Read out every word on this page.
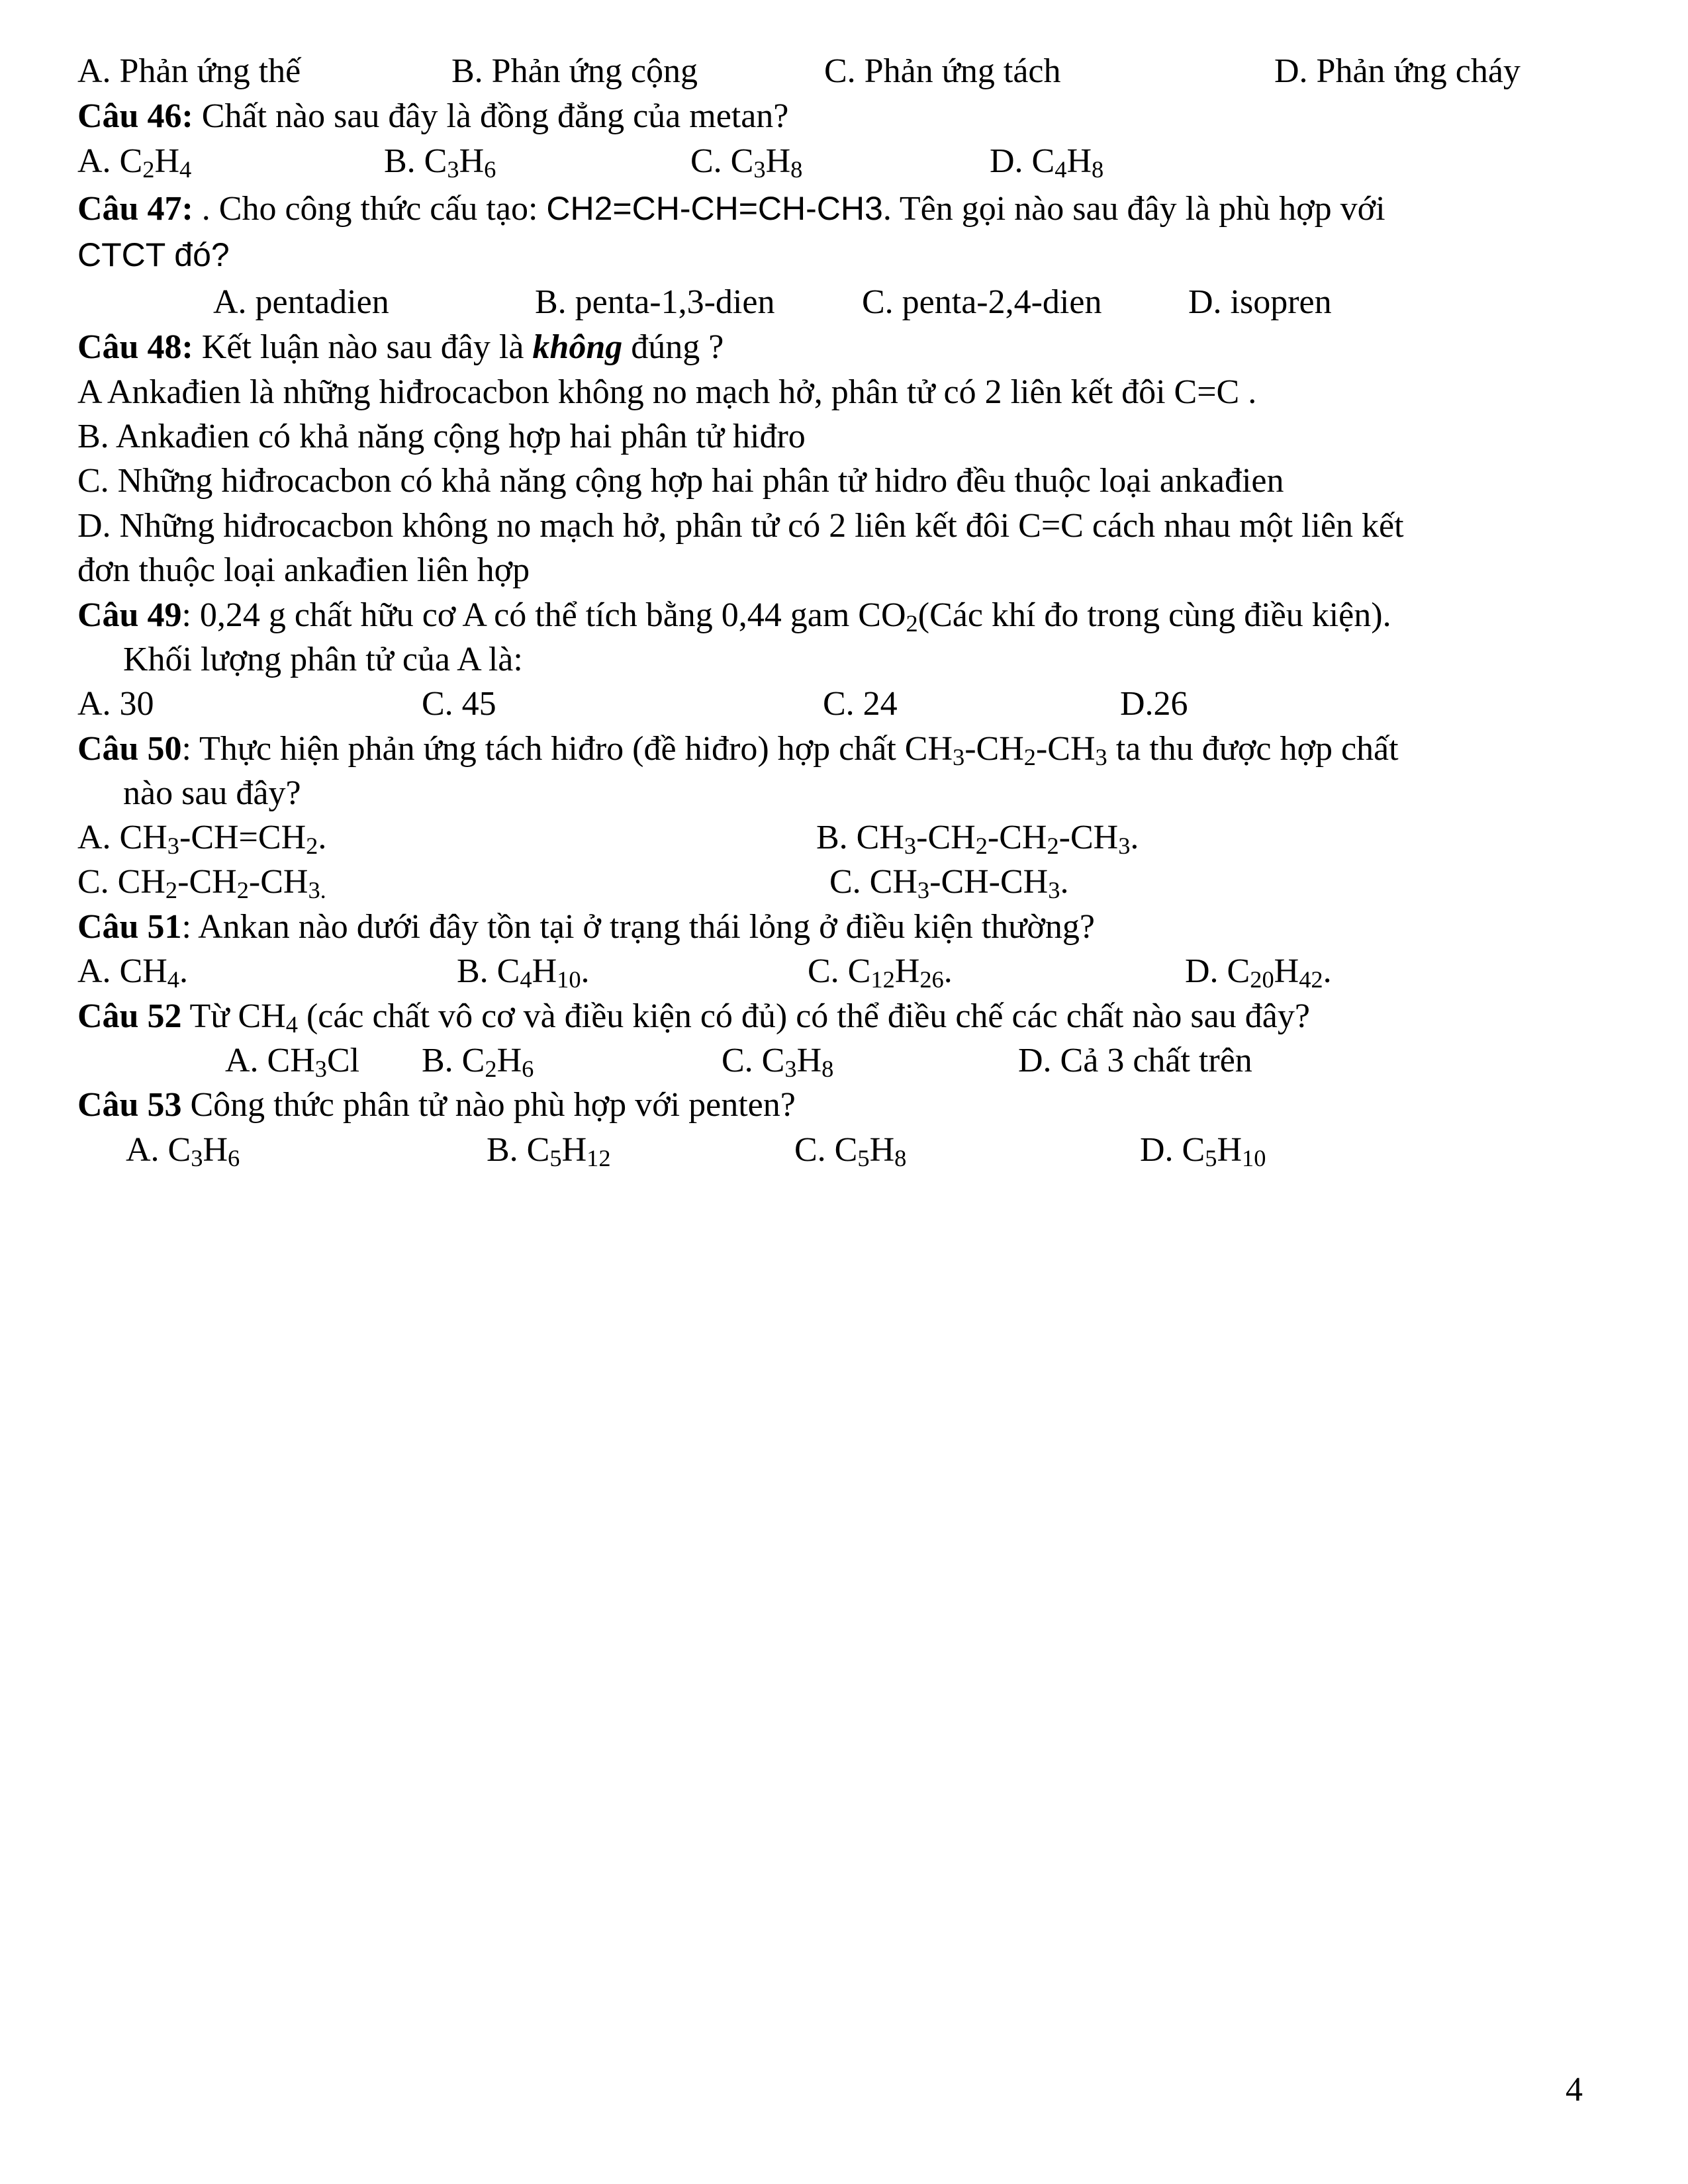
A. Phản ứng thế	B. Phản ứng cộng	C. Phản ứng tách	D. Phản ứng cháy
Câu 46: Chất nào sau đây là đồng đẳng của metan?
A. $C_2H_4$	B. $C_3H_6$	C. $C_3H_8$	D. $C_4H_8$
Câu 47: . Cho công thức cấu tạo: CH2=CH-CH=CH-CH3. Tên gọi nào sau đây là phù hợp với
CTCT đó?
A. pentadien	B. penta-1,3-dien	C. penta-2,4-dien	D. isopren
Câu 48: Kết luận nào sau đây là không đúng ?
A Ankađien là những hiđrocacbon không no mạch hở, phân tử có 2 liên kết đôi C=C .
B. Ankađien có khả năng cộng hợp hai phân tử hiđro
C. Những hiđrocacbon có khả năng cộng hợp hai phân tử hidro đều thuộc loại ankađien
D. Những hiđrocacbon không no mạch hở, phân tử có 2 liên kết đôi C=C cách nhau một liên kết
đơn thuộc loại ankađien liên hợp
Câu 49: 0,24 g chất hữu cơ A có thể tích bằng 0,44 gam $CO_2(Các$ khí đo trong cùng điều kiện).
Khối lượng phân tử của A là:
A. 30	C. 45	C. 24	D.26
Câu 50: Thực hiện phản ứng tách hiđro (đề hiđro) hợp chất $CH_3-CH_2-CH_3$ ta thu được hợp chất
nào sau đây?
A. $CH_3-CH=CH_2$.	B. $CH_3-CH_2-CH_2-CH_3$.
C. $CH_2-CH_2-CH_{3.}$	C. $CH_3-CH-CH_3$.
Câu 51: Ankan nào dưới đây tồn tại ở trạng thái lỏng ở điều kiện thường?
A. $CH_4$.	B. $C_4H_{10}$.	C. $C_{12}H_{26}$.	D. $C_{20}H_{42}$.
Câu 52 Từ $CH_4$ (các chất vô cơ và điều kiện có đủ) có thể điều chế các chất nào sau đây?
A. $CH_3Cl$ B. $C_2H_6$	C. $C_3H_8$	D. Cả 3 chất trên
Câu 53 Công thức phân tử nào phù hợp với penten?
A. $C_3H_6$	B. $C_5H_{12}$	C. $C_5H_8$	D. $C_5H_{10}$
4
